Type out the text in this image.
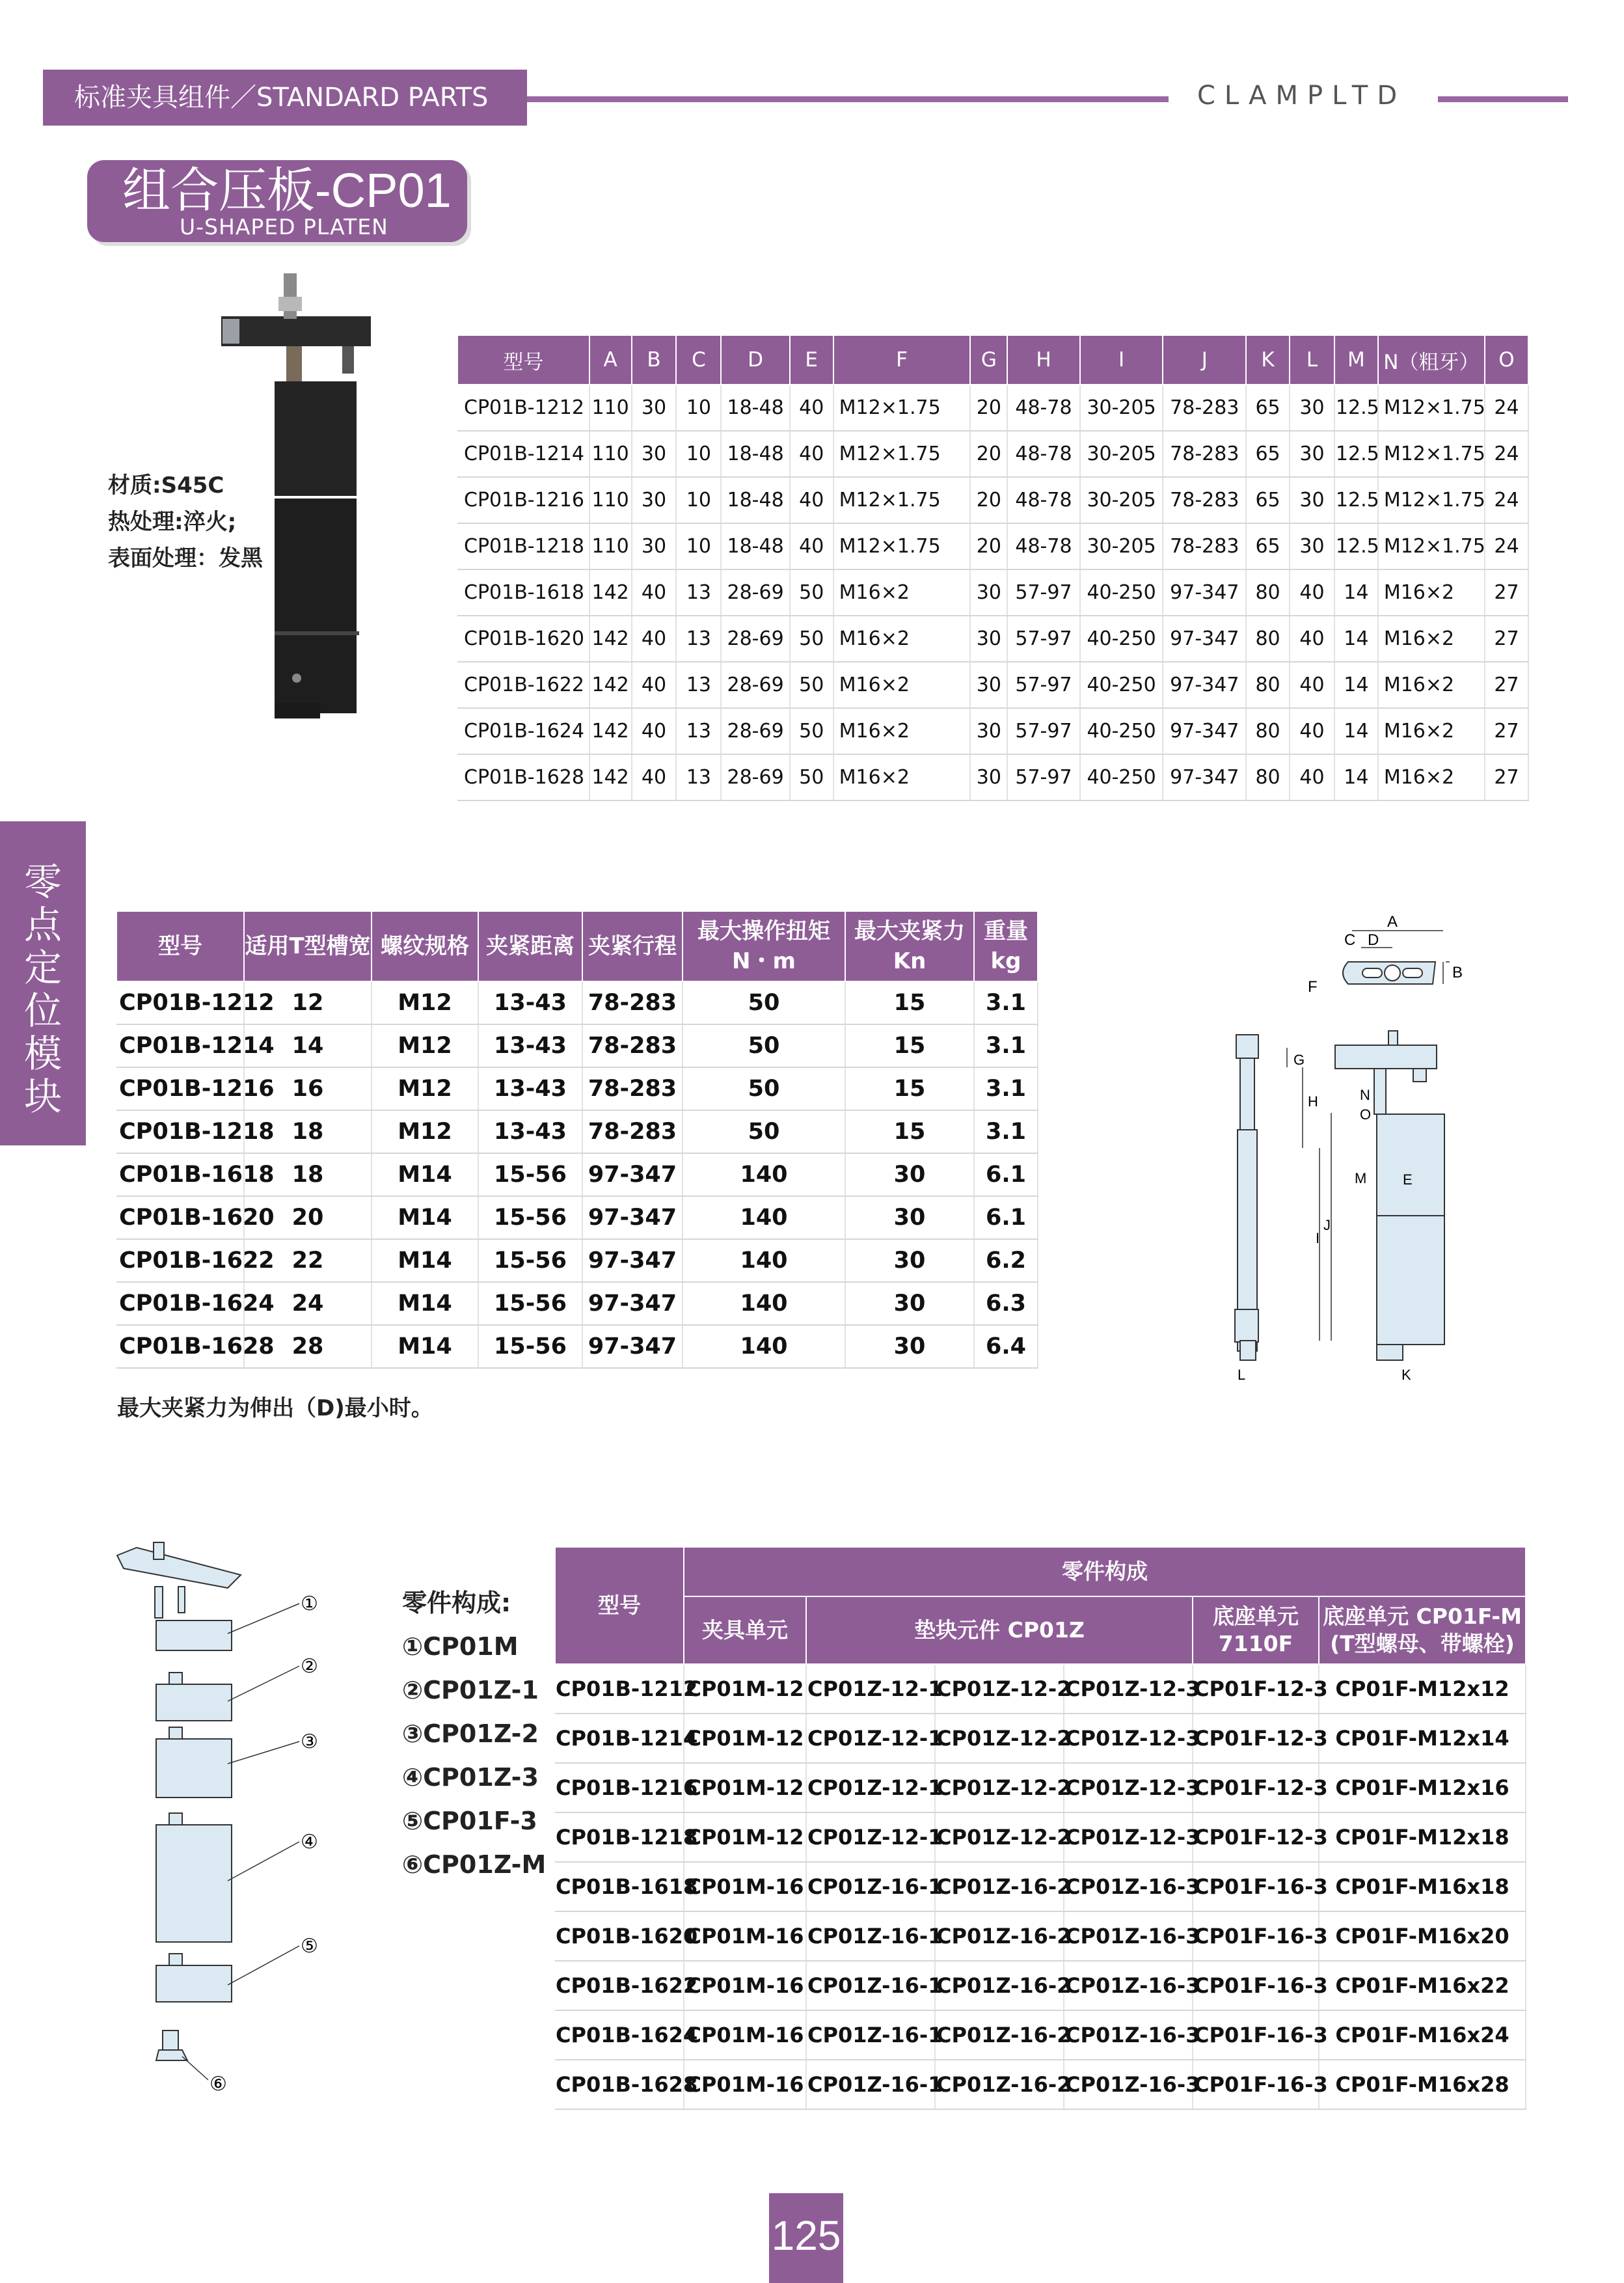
标准夹具组件／STANDARD PARTS	CLAMPLTD
组合压板-CP01
U-SHAPED PLATEN
零
点
定
位
模
块
材质:S45C
热处理:淬火;
表面处理：发黑
型号	A	B	C	D	E	F	G	H	I	J	K	L	M	N（粗牙）	O
CP01B-1212	110	30	10	18-48	40	M12×1.75	20	48-78	30-205	78-283	65	30	12.5	M12×1.75	24
CP01B-1214	110	30	10	18-48	40	M12×1.75	20	48-78	30-205	78-283	65	30	12.5	M12×1.75	24
CP01B-1216	110	30	10	18-48	40	M12×1.75	20	48-78	30-205	78-283	65	30	12.5	M12×1.75	24
CP01B-1218	110	30	10	18-48	40	M12×1.75	20	48-78	30-205	78-283	65	30	12.5	M12×1.75	24
CP01B-1618	142	40	13	28-69	50	M16×2	30	57-97	40-250	97-347	80	40	14	M16×2	27
CP01B-1620	142	40	13	28-69	50	M16×2	30	57-97	40-250	97-347	80	40	14	M16×2	27
CP01B-1622	142	40	13	28-69	50	M16×2	30	57-97	40-250	97-347	80	40	14	M16×2	27
CP01B-1624	142	40	13	28-69	50	M16×2	30	57-97	40-250	97-347	80	40	14	M16×2	27
CP01B-1628	142	40	13	28-69	50	M16×2	30	57-97	40-250	97-347	80	40	14	M16×2	27
型号	适用T型槽宽	螺纹规格	夹紧距离	夹紧行程	最大操作扭矩
N・m	最大夹紧力
Kn	重量
kg
CP01B-1212	12	M12	13-43	78-283	50	15	3.1
CP01B-1214	14	M12	13-43	78-283	50	15	3.1
CP01B-1216	16	M12	13-43	78-283	50	15	3.1
CP01B-1218	18	M12	13-43	78-283	50	15	3.1
CP01B-1618	18	M14	15-56	97-347	140	30	6.1
CP01B-1620	20	M14	15-56	97-347	140	30	6.1
CP01B-1622	22	M14	15-56	97-347	140	30	6.2
CP01B-1624	24	M14	15-56	97-347	140	30	6.3
CP01B-1628	28	M14	15-56	97-347	140	30	6.4
最大夹紧力为伸出（D)最小时。
A
C D
B
F
L
G
H
J
I
N
O
M	E
K
①
②
③
④
⑤
⑥
零件构成:
①CP01M
②CP01Z-1
③CP01Z-2
④CP01Z-3
⑤CP01F-3
⑥CP01Z-M
型号	零件构成					
	夹具单元	垫块元件 CP01Z			底座单元
7110F	底座单元 CP01F-M
(T型螺母、带螺栓)
CP01B-1212	CP01M-12	CP01Z-12-1	CP01Z-12-2	CP01Z-12-3	CP01F-12-3	CP01F-M12x12
CP01B-1214	CP01M-12	CP01Z-12-1	CP01Z-12-2	CP01Z-12-3	CP01F-12-3	CP01F-M12x14
CP01B-1216	CP01M-12	CP01Z-12-1	CP01Z-12-2	CP01Z-12-3	CP01F-12-3	CP01F-M12x16
CP01B-1218	CP01M-12	CP01Z-12-1	CP01Z-12-2	CP01Z-12-3	CP01F-12-3	CP01F-M12x18
CP01B-1618	CP01M-16	CP01Z-16-1	CP01Z-16-2	CP01Z-16-3	CP01F-16-3	CP01F-M16x18
CP01B-1620	CP01M-16	CP01Z-16-1	CP01Z-16-2	CP01Z-16-3	CP01F-16-3	CP01F-M16x20
CP01B-1622	CP01M-16	CP01Z-16-1	CP01Z-16-2	CP01Z-16-3	CP01F-16-3	CP01F-M16x22
CP01B-1624	CP01M-16	CP01Z-16-1	CP01Z-16-2	CP01Z-16-3	CP01F-16-3	CP01F-M16x24
CP01B-1628	CP01M-16	CP01Z-16-1	CP01Z-16-2	CP01Z-16-3	CP01F-16-3	CP01F-M16x28
125
